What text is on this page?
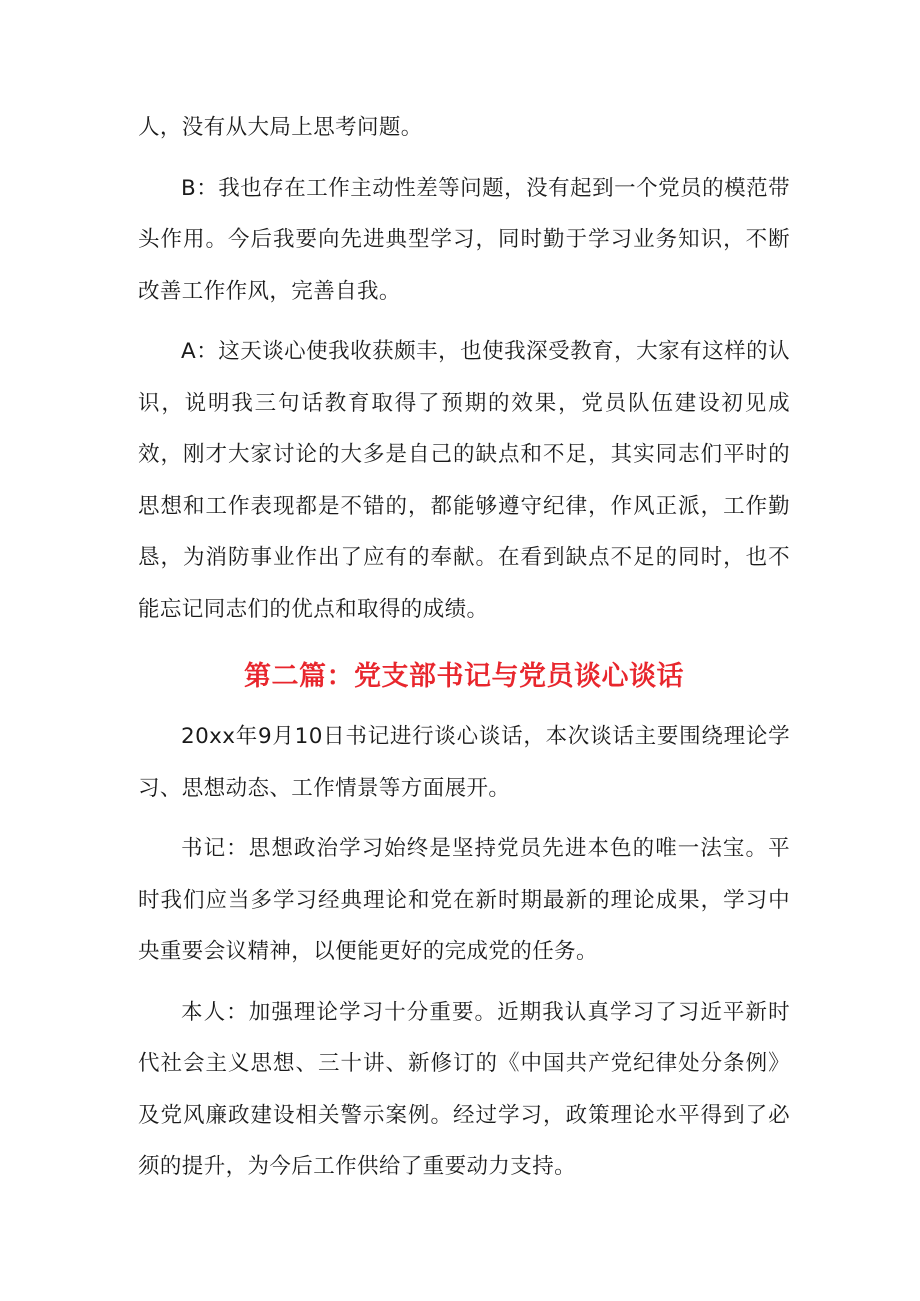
人，没有从大局上思考问题。

B：我也存在工作主动性差等问题，没有起到一个党员的模范带头作用。今后我要向先进典型学习，同时勤于学习业务知识，不断改善工作作风，完善自我。

A：这天谈心使我收获颇丰，也使我深受教育，大家有这样的认识，说明我三句话教育取得了预期的效果，党员队伍建设初见成效，刚才大家讨论的大多是自己的缺点和不足，其实同志们平时的思想和工作表现都是不错的，都能够遵守纪律，作风正派，工作勤恳，为消防事业作出了应有的奉献。在看到缺点不足的同时，也不能忘记同志们的优点和取得的成绩。

第二篇：党支部书记与党员谈心谈话

20xx年9月10日书记进行谈心谈话，本次谈话主要围绕理论学习、思想动态、工作情景等方面展开。

书记：思想政治学习始终是坚持党员先进本色的唯一法宝。平时我们应当多学习经典理论和党在新时期最新的理论成果，学习中央重要会议精神，以便能更好的完成党的任务。

本人：加强理论学习十分重要。近期我认真学习了习近平新时代社会主义思想、三十讲、新修订的《中国共产党纪律处分条例》及党风廉政建设相关警示案例。经过学习，政策理论水平得到了必须的提升，为今后工作供给了重要动力支持。
